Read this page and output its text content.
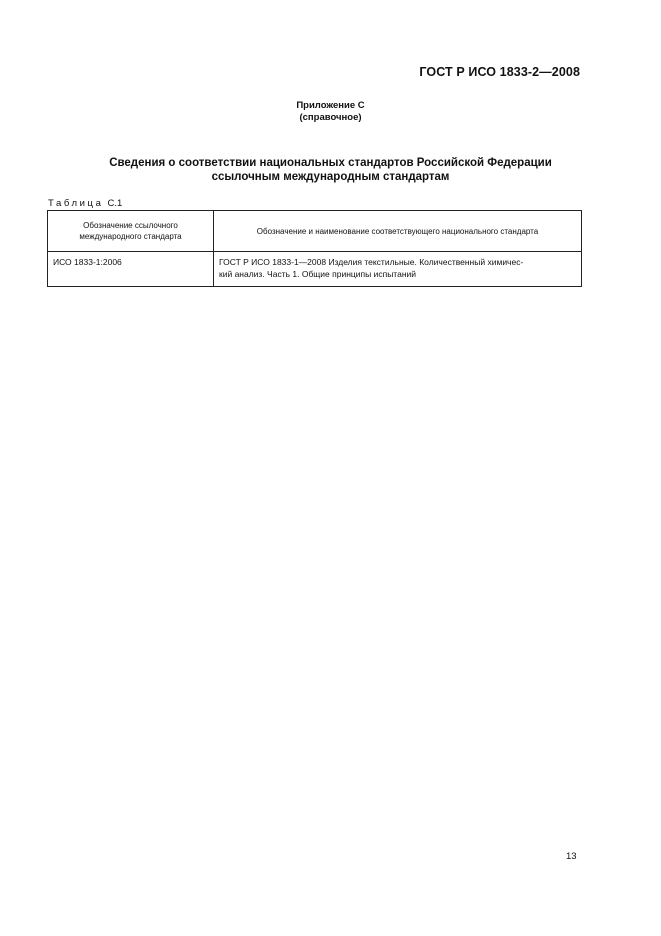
ГОСТ Р ИСО 1833-2—2008
Приложение С
(справочное)
Сведения о соответствии национальных стандартов Российской Федерации
ссылочным международным стандартам
Таблица С.1
Обозначение ссылочного
международного стандарта	Обозначение и наименование соответствующего национального стандарта

ИСО 1833-1:2006	ГОСТ Р ИСО 1833-1—2008 Изделия текстильные. Количественный химичес-
кий анализ. Часть 1. Общие принципы испытаний
13
